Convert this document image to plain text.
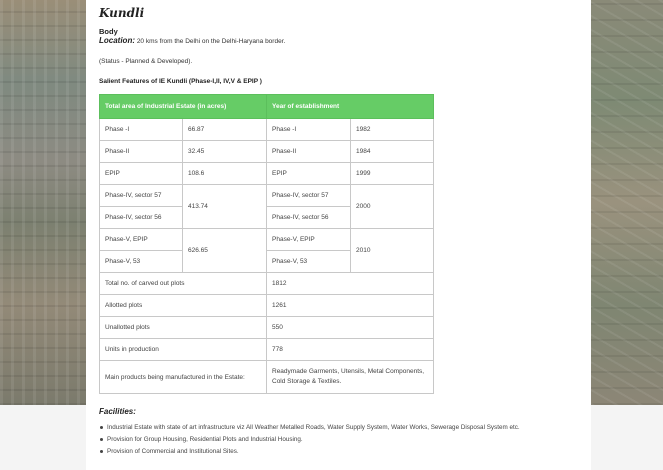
Kundli
Body
Location: 20 kms from the Delhi on the Delhi-Haryana border.
(Status - Planned & Developed).
Salient Features of IE Kundli (Phase-I,II, IV,V & EPIP )
Total area of Industrial Estate (in acres)		Year of establishment	
Phase -I	66.87	Phase -I	1982
Phase-II	32.45	Phase-II	1984
EPIP	108.6	EPIP	1999
Phase-IV, sector 57	413.74	Phase-IV, sector 57	2000
Phase-IV, sector 56		Phase-IV, sector 56	
Phase-V, EPIP	626.65	Phase-V, EPIP	2010
Phase-V, 53		Phase-V, 53	
Total no. of carved out plots		1812	
Allotted plots		1261	
Unallotted plots		550	
Units in production		778	
Main products being manufactured in the Estate:		Readymade Garments, Utensils, Metal Components, Cold Storage & Textiles.	
Facilities:
Industrial Estate with state of art infrastructure viz All Weather Metalled Roads, Water Supply System, Water Works, Sewerage Disposal System etc.
Provision for Group Housing, Residential Plots and Industrial Housing.
Provision of Commercial and Institutional Sites.
